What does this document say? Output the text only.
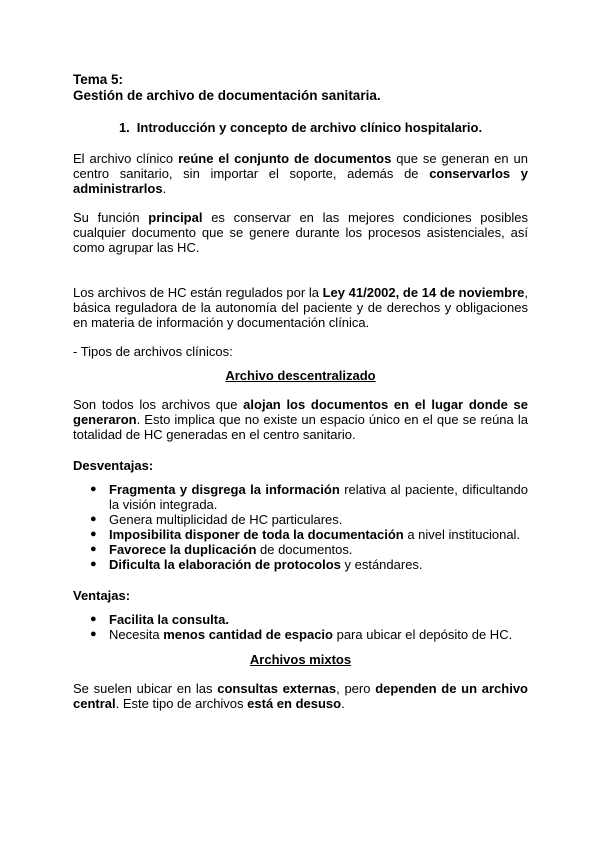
Tema 5:
Gestión de archivo de documentación sanitaria.
1. Introducción y concepto de archivo clínico hospitalario.

El archivo clínico reúne el conjunto de documentos que se generan en un centro sanitario, sin importar el soporte, además de conservarlos y administrarlos.

Su función principal es conservar en las mejores condiciones posibles cualquier documento que se genere durante los procesos asistenciales, así como agrupar las HC.

Los archivos de HC están regulados por la Ley 41/2002, de 14 de noviembre, básica reguladora de la autonomía del paciente y de derechos y obligaciones en materia de información y documentación clínica.

- Tipos de archivos clínicos:

Archivo descentralizado

Son todos los archivos que alojan los documentos en el lugar donde se generaron. Esto implica que no existe un espacio único en el que se reúna la totalidad de HC generadas en el centro sanitario.

Desventajas:
● Fragmenta y disgrega la información relativa al paciente, dificultando la visión integrada.
● Genera multiplicidad de HC particulares.
● Imposibilita disponer de toda la documentación a nivel institucional.
● Favorece la duplicación de documentos.
● Dificulta la elaboración de protocolos y estándares.
Ventajas:
● Facilita la consulta.
● Necesita menos cantidad de espacio para ubicar el depósito de HC.
Archivos mixtos

Se suelen ubicar en las consultas externas, pero dependen de un archivo central. Este tipo de archivos está en desuso.
